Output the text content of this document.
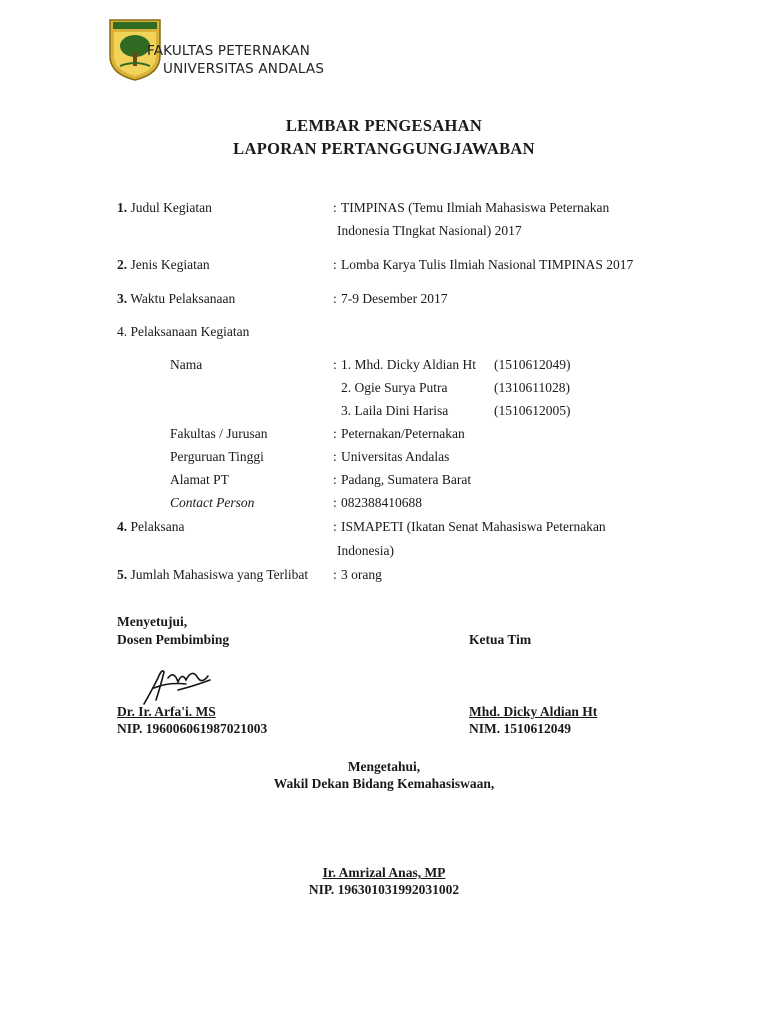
FAKULTAS PETERNAKAN
UNIVERSITAS ANDALAS
LEMBAR PENGESAHAN
LAPORAN PERTANGGUNGJAWABAN
1. Judul Kegiatan	: TIMPINAS (Temu Ilmiah Mahasiswa Peternakan
Indonesia TIngkat Nasional) 2017
2. Jenis Kegiatan	: Lomba Karya Tulis Ilmiah Nasional TIMPINAS 2017
3. Waktu Pelaksanaan	: 7-9 Desember 2017
4. Pelaksanaan Kegiatan
Nama	: 1. Mhd. Dicky Aldian Ht (1510612049)
2. Ogie Surya Putra	(1310611028)
3. Laila Dini Harisa	(1510612005)
Fakultas / Jurusan	: Peternakan/Peternakan
Perguruan Tinggi	: Universitas Andalas
Alamat PT	: Padang, Sumatera Barat
Contact Person	: 082388410688
4. Pelaksana	: ISMAPETI (Ikatan Senat Mahasiswa Peternakan
Indonesia)
5. Jumlah Mahasiswa yang Terlibat : 3 orang
Menyetujui,
Dosen Pembimbing	Ketua Tim
Dr. Ir. Arfa'i. MS
NIP. 196006061987021003
Mhd. Dicky Aldian Ht
NIM. 1510612049
Mengetahui,
Wakil Dekan Bidang Kemahasiswaan,
Ir. Amrizal Anas, MP
NIP. 196301031992031002
